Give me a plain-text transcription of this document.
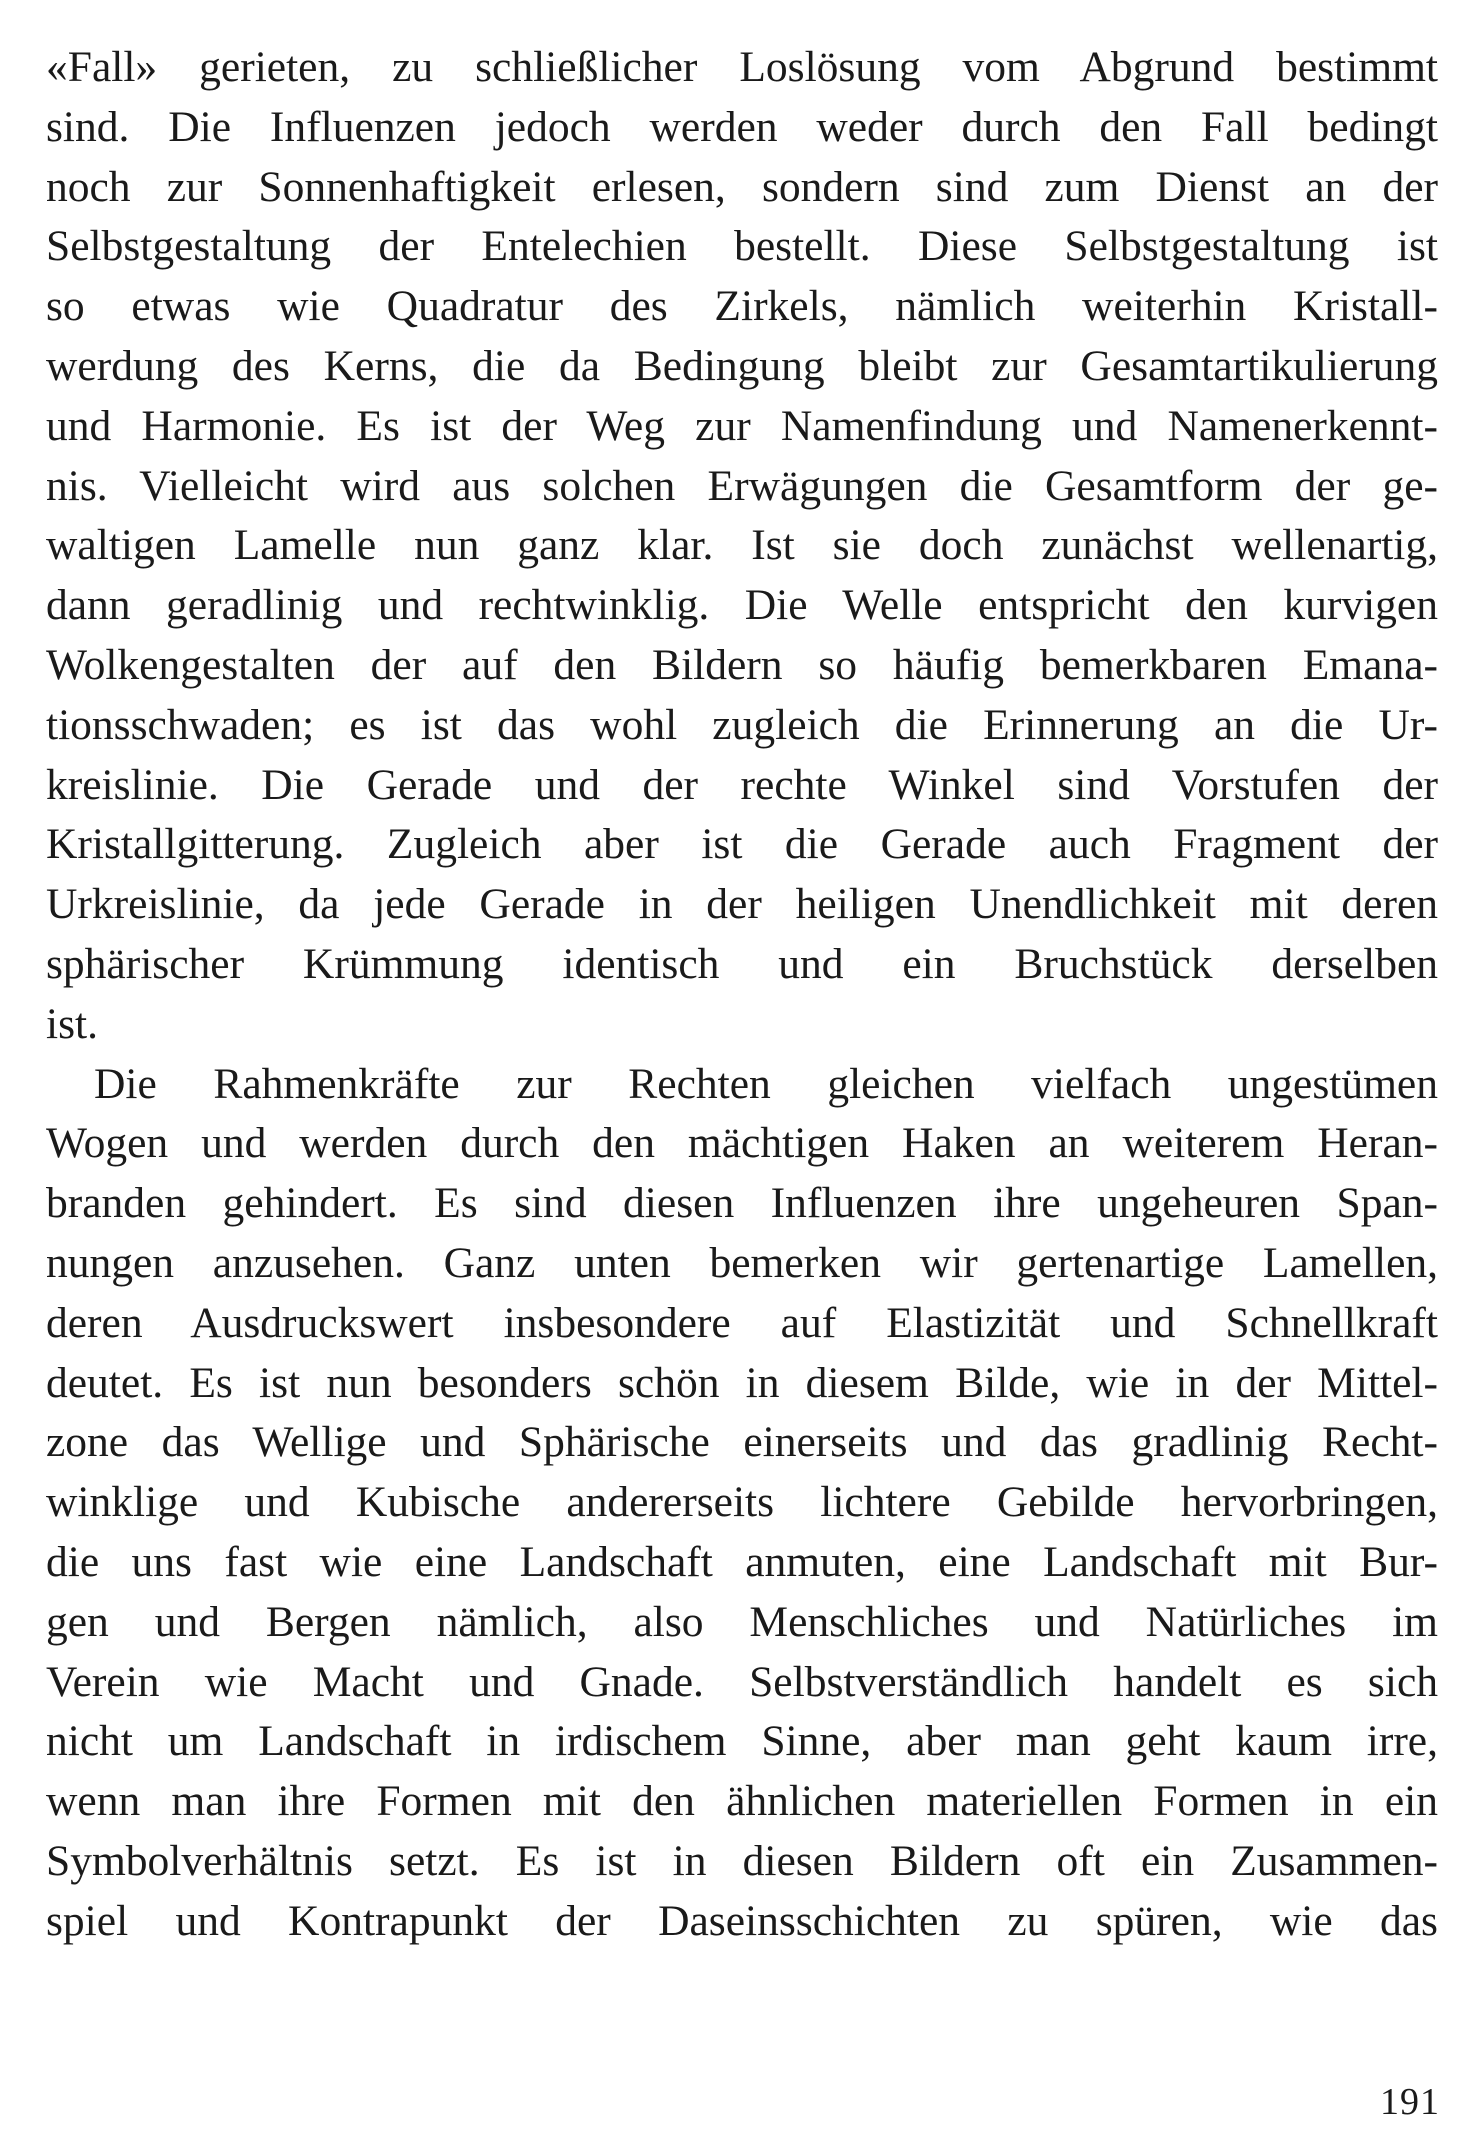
«Fall» gerieten, zu schließlicher Loslösung vom Abgrund bestimmt
sind. Die Influenzen jedoch werden weder durch den Fall bedingt
noch zur Sonnenhaftigkeit erlesen, sondern sind zum Dienst an der
Selbstgestaltung der Entelechien bestellt. Diese Selbstgestaltung ist
so etwas wie Quadratur des Zirkels, nämlich weiterhin Kristall-
werdung des Kerns, die da Bedingung bleibt zur Gesamtartikulierung
und Harmonie. Es ist der Weg zur Namenfindung und Namenerkennt-
nis. Vielleicht wird aus solchen Erwägungen die Gesamtform der ge-
waltigen Lamelle nun ganz klar. Ist sie doch zunächst wellenartig,
dann geradlinig und rechtwinklig. Die Welle entspricht den kurvigen
Wolkengestalten der auf den Bildern so häufig bemerkbaren Emana-
tionsschwaden; es ist das wohl zugleich die Erinnerung an die Ur-
kreislinie. Die Gerade und der rechte Winkel sind Vorstufen der
Kristallgitterung. Zugleich aber ist die Gerade auch Fragment der
Urkreislinie, da jede Gerade in der heiligen Unendlichkeit mit deren
sphärischer Krümmung identisch und ein Bruchstück derselben
ist.
Die Rahmenkräfte zur Rechten gleichen vielfach ungestümen
Wogen und werden durch den mächtigen Haken an weiterem Heran-
branden gehindert. Es sind diesen Influenzen ihre ungeheuren Span-
nungen anzusehen. Ganz unten bemerken wir gertenartige Lamellen,
deren Ausdruckswert insbesondere auf Elastizität und Schnellkraft
deutet. Es ist nun besonders schön in diesem Bilde, wie in der Mittel-
zone das Wellige und Sphärische einerseits und das gradlinig Recht-
winklige und Kubische andererseits lichtere Gebilde hervorbringen,
die uns fast wie eine Landschaft anmuten, eine Landschaft mit Bur-
gen und Bergen nämlich, also Menschliches und Natürliches im
Verein wie Macht und Gnade. Selbstverständlich handelt es sich
nicht um Landschaft in irdischem Sinne, aber man geht kaum irre,
wenn man ihre Formen mit den ähnlichen materiellen Formen in ein
Symbolverhältnis setzt. Es ist in diesen Bildern oft ein Zusammen-
spiel und Kontrapunkt der Daseinsschichten zu spüren, wie das
191
